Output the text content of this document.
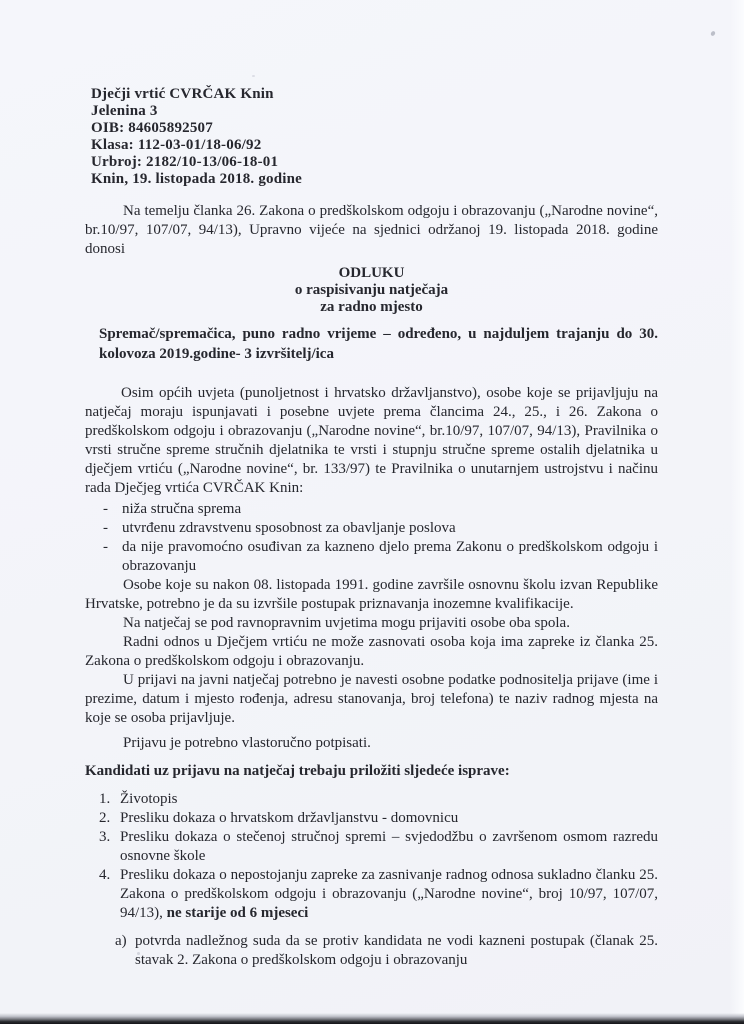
Dječji vrtić CVRČAK Knin
Jelenina 3
OIB: 84605892507
Klasa: 112-03-01/18-06/92
Urbroj: 2182/10-13/06-18-01
Knin, 19. listopada 2018. godine

Na temelju članka 26. Zakona o predškolskom odgoju i obrazovanju („Narodne novine“, br.10/97, 107/07, 94/13), Upravno vijeće na sjednici održanoj 19. listopada 2018. godine donosi

ODLUKU
o raspisivanju natječaja
za radno mjesto

Spremač/spremačica, puno radno vrijeme – određeno, u najduljem trajanju do 30. kolovoza 2019.godine- 3 izvršitelj/ica

Osim općih uvjeta (punoljetnost i hrvatsko državljanstvo), osobe koje se prijavljuju na natječaj moraju ispunjavati i posebne uvjete prema člancima 24., 25., i 26. Zakona o predškolskom odgoju i obrazovanju („Narodne novine“, br.10/97, 107/07, 94/13), Pravilnika o vrsti stručne spreme stručnih djelatnika te vrsti i stupnju stručne spreme ostalih djelatnika u dječjem vrtiću („Narodne novine“, br. 133/97) te Pravilnika o unutarnjem ustrojstvu i načinu rada Dječjeg vrtića CVRČAK Knin:

- niža stručna sprema
- utvrđenu zdravstvenu sposobnost za obavljanje poslova
- da nije pravomoćno osuđivan za kazneno djelo prema Zakonu o predškolskom odgoju i obrazovanju

Osobe koje su nakon 08. listopada 1991. godine završile osnovnu školu izvan Republike Hrvatske, potrebno je da su izvršile postupak priznavanja inozemne kvalifikacije.

Na natječaj se pod ravnopravnim uvjetima mogu prijaviti osobe oba spola.

Radni odnos u Dječjem vrtiću ne može zasnovati osoba koja ima zapreke iz članka 25. Zakona o predškolskom odgoju i obrazovanju.

U prijavi na javni natječaj potrebno je navesti osobne podatke podnositelja prijave (ime i prezime, datum i mjesto rođenja, adresu stanovanja, broj telefona) te naziv radnog mjesta na koje se osoba prijavljuje.

Prijavu je potrebno vlastoručno potpisati.

Kandidati uz prijavu na natječaj trebaju priložiti sljedeće isprave:

1. Životopis
2. Presliku dokaza o hrvatskom državljanstvu - domovnicu
3. Presliku dokaza o stečenoj stručnoj spremi – svjedodžbu o završenom osmom razredu osnovne škole
4. Presliku dokaza o nepostojanju zapreke za zasnivanje radnog odnosa sukladno članku 25. Zakona o predškolskom odgoju i obrazovanju („Narodne novine“, broj 10/97, 107/07, 94/13), ne starije od 6 mjeseci
a) potvrda nadležnog suda da se protiv kandidata ne vodi kazneni postupak (članak 25. stavak 2. Zakona o predškolskom odgoju i obrazovanju
